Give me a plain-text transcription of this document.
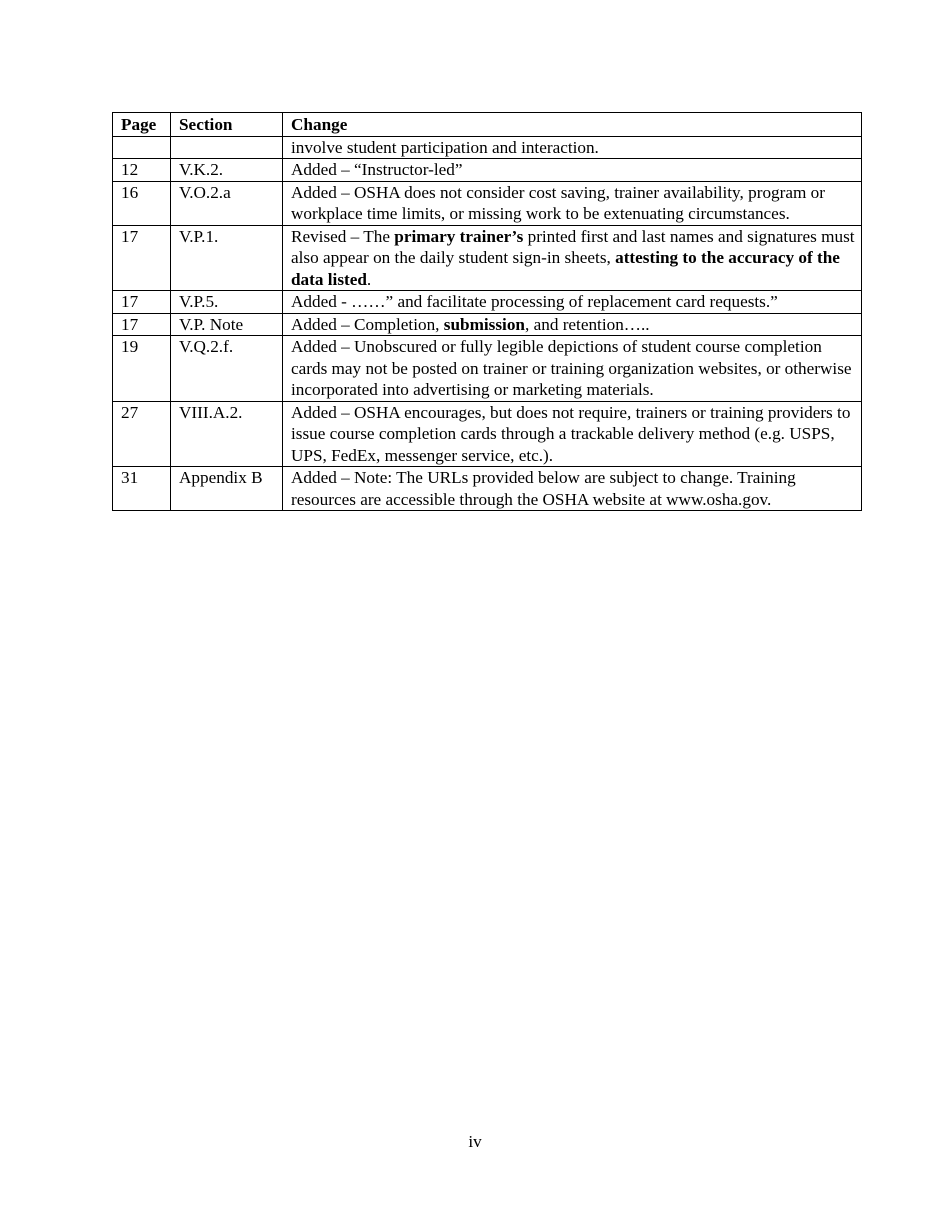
Page	Section	Change
		involve student participation and interaction.
12	V.K.2.	Added – “Instructor-led”
16	V.O.2.a	Added – OSHA does not consider cost saving, trainer availability, program or workplace time limits, or missing work to be extenuating circumstances.
17	V.P.1.	Revised – The primary trainer’s printed first and last names and signatures must also appear on the daily student sign-in sheets, attesting to the accuracy of the data listed.
17	V.P.5.	Added - ……” and facilitate processing of replacement card requests.”
17	V.P. Note	Added – Completion, submission, and retention…..
19	V.Q.2.f.	Added – Unobscured or fully legible depictions of student course completion cards may not be posted on trainer or training organization websites, or otherwise incorporated into advertising or marketing materials.
27	VIII.A.2.	Added – OSHA encourages, but does not require, trainers or training providers to issue course completion cards through a trackable delivery method (e.g. USPS, UPS, FedEx, messenger service, etc.).
31	Appendix B	Added – Note: The URLs provided below are subject to change. Training resources are accessible through the OSHA website at www.osha.gov.
iv
